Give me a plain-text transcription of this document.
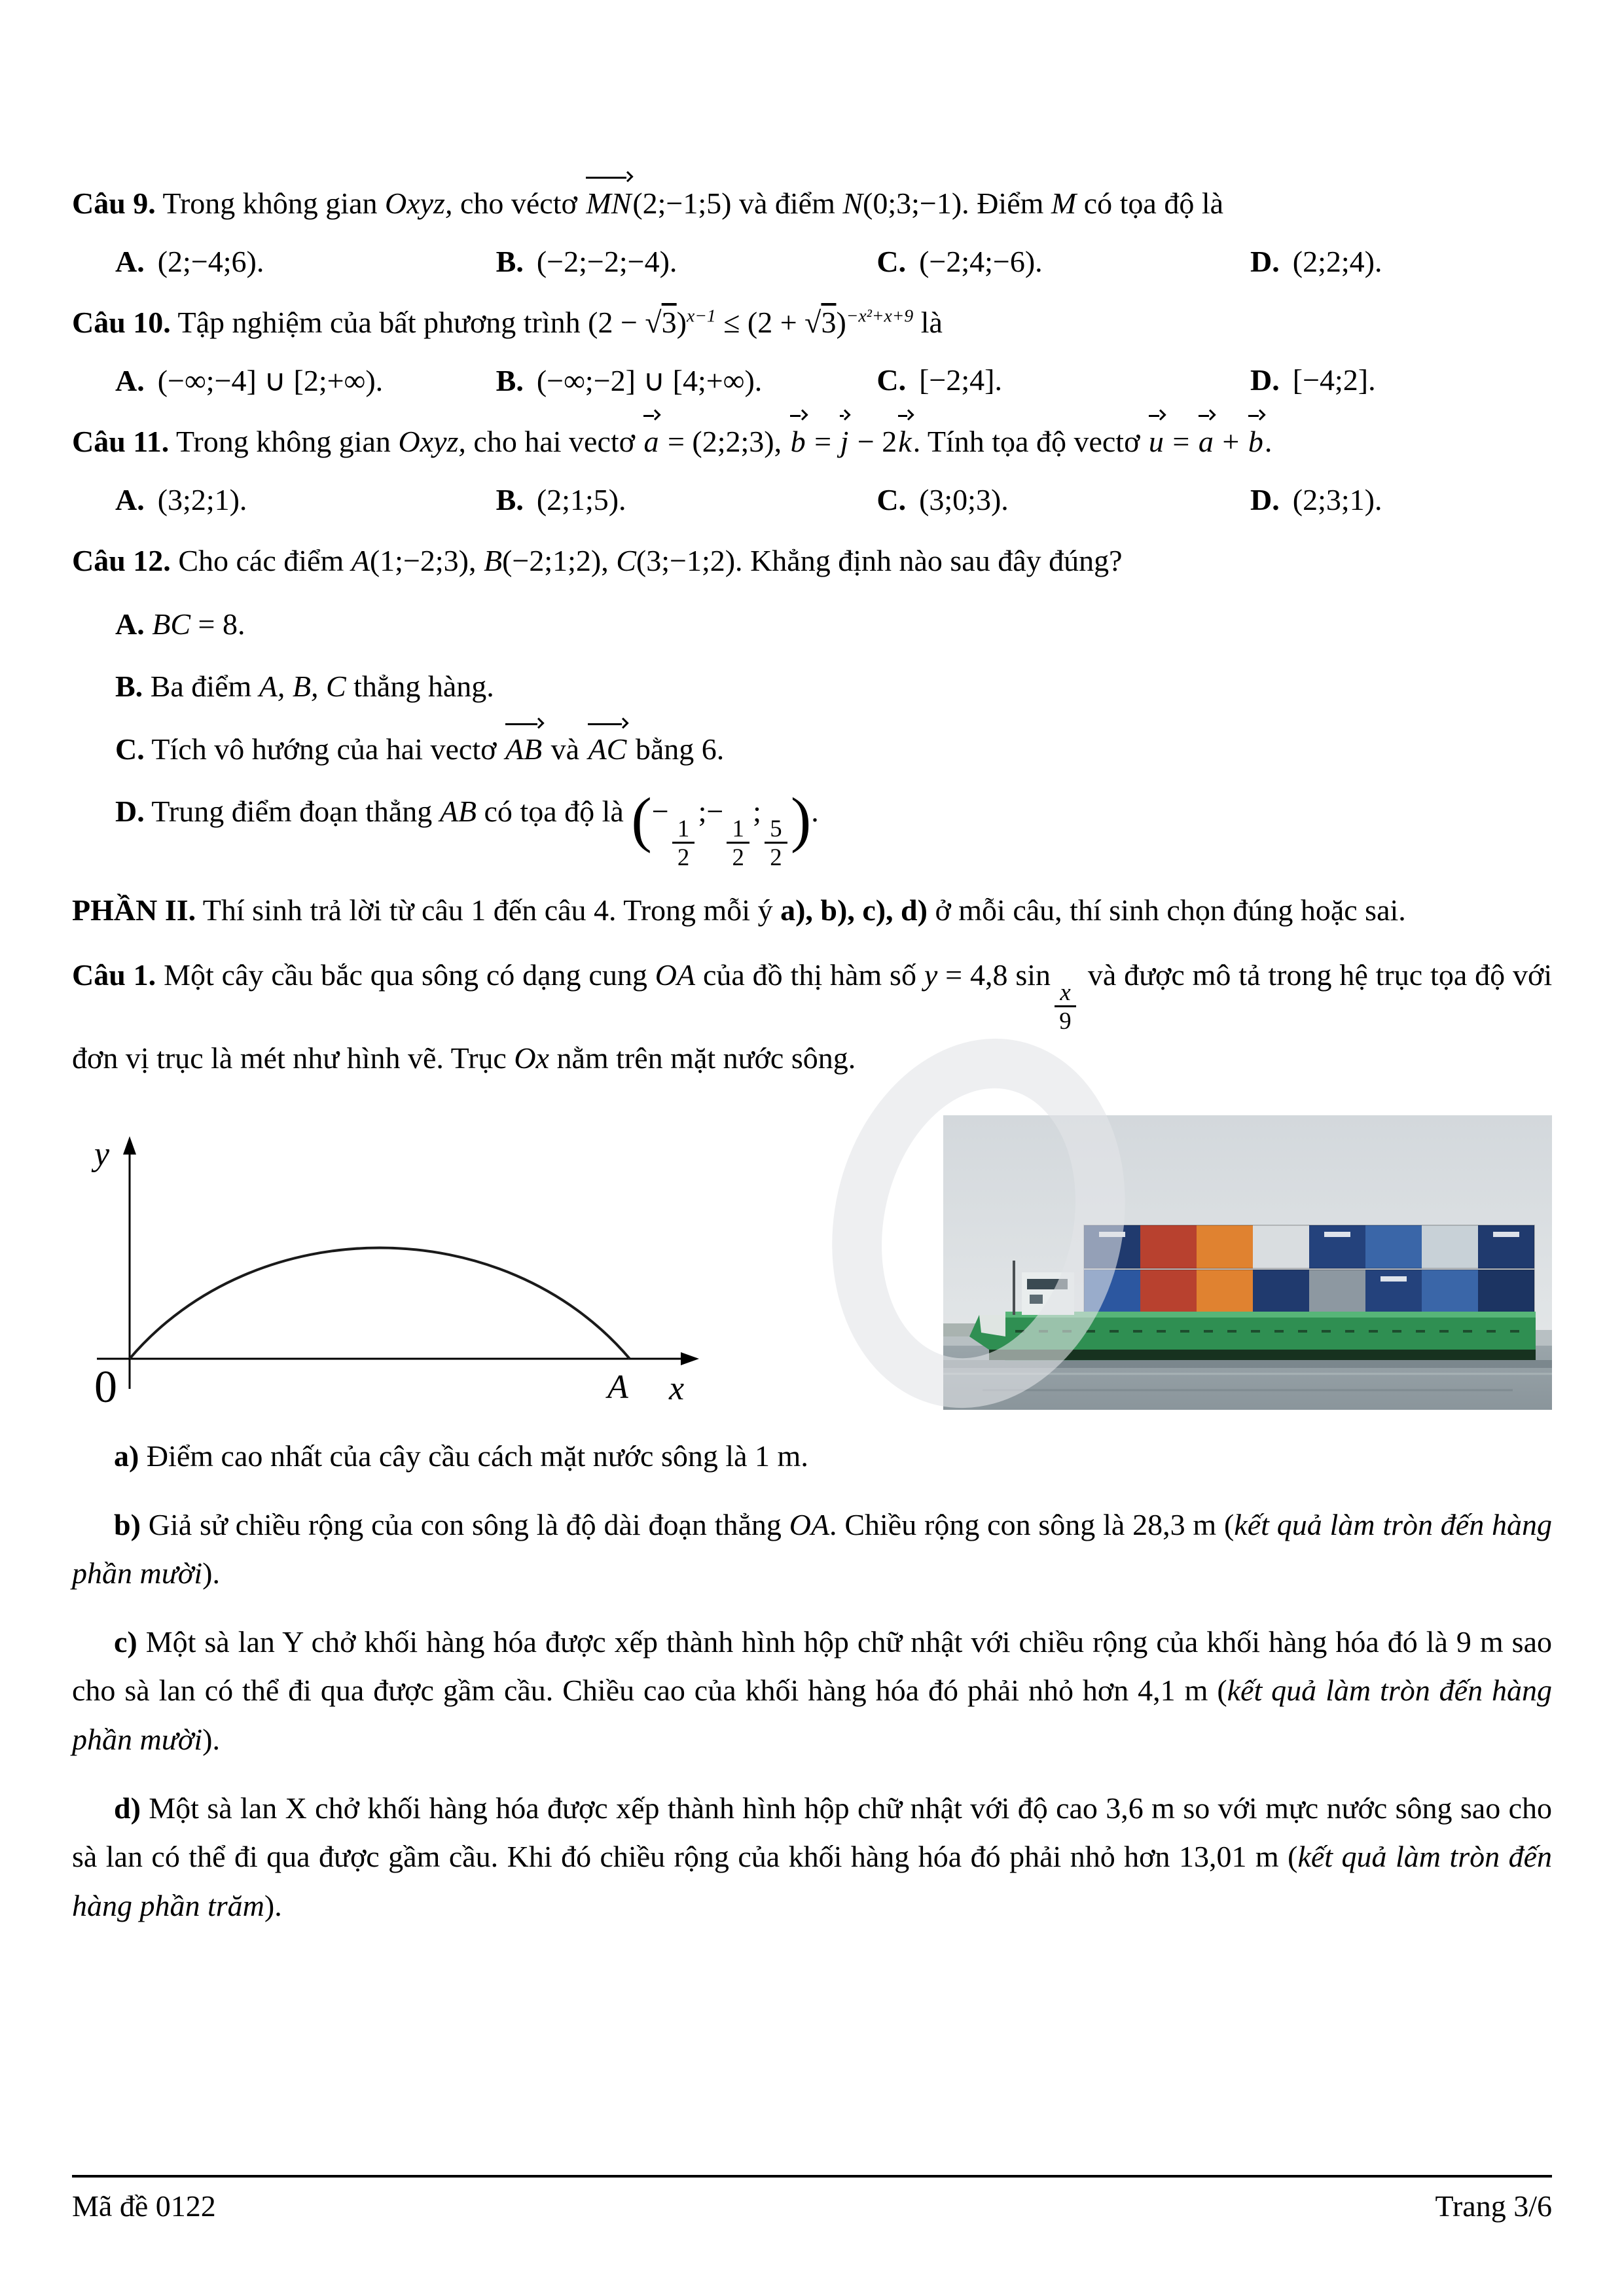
Câu 9. Trong không gian Oxyz, cho véctơ MN(2;−1;5) và điểm N(0;3;−1). Điểm M có tọa độ là

A. (2;−4;6).	B. (−2;−2;−4).	C. (−2;4;−6).	D. (2;2;4).

Câu 10. Tập nghiệm của bất phương trình $(2 - √3)^{x-1} \le (2 + √3)^{-x^2+x+9}$ là

A. (−∞;−4] ∪ [2;+∞).	B. (−∞;−2] ∪ [4;+∞).	C. [−2;4].	D. [−4;2].

Câu 11. Trong không gian Oxyz, cho hai vectơ a = (2;2;3), b = j − 2k. Tính tọa độ vectơ u = a + b.

A. (3;2;1).	B. (2;1;5).	C. (3;0;3).	D. (2;3;1).

Câu 12. Cho các điểm A(1;−2;3), B(−2;1;2), C(3;−1;2). Khẳng định nào sau đây đúng?

A. BC = 8.

B. Ba điểm A, B, C thẳng hàng.

C. Tích vô hướng của hai vectơ AB và AC bằng 6.

D. Trung điểm đoạn thẳng AB có tọa độ là (−
$\frac{1}{2}$
;−
$\frac{1}{2}$
;
$\frac{5}{2}$ ).

PHẦN II. Thí sinh trả lời từ câu 1 đến câu 4. Trong mỗi ý a), b), c), d) ở mỗi câu, thí sinh chọn đúng hoặc sai.

Câu 1. Một cây cầu bắc qua sông có dạng cung OA của đồ thị hàm số y = 4,8 sin
$\frac{x}{9}$
và được mô tả trong hệ trục tọa độ với đơn vị trục là mét như hình vẽ. Trục Ox nằm trên mặt nước sông.

y
0	A x

a) Điểm cao nhất của cây cầu cách mặt nước sông là 1 m.

b) Giả sử chiều rộng của con sông là độ dài đoạn thẳng OA. Chiều rộng con sông là 28,3 m (kết quả làm tròn đến hàng phần mười).

c) Một sà lan Y chở khối hàng hóa được xếp thành hình hộp chữ nhật với chiều rộng của khối hàng hóa đó là 9 m sao cho sà lan có thể đi qua được gầm cầu. Chiều cao của khối hàng hóa đó phải nhỏ hơn 4,1 m (kết quả làm tròn đến hàng phần mười).

d) Một sà lan X chở khối hàng hóa được xếp thành hình hộp chữ nhật với độ cao 3,6 m so với mực nước sông sao cho sà lan có thể đi qua được gầm cầu. Khi đó chiều rộng của khối hàng hóa đó phải nhỏ hơn 13,01 m (kết quả làm tròn đến hàng phần trăm).

Mã đề 0122	Trang 3/6
